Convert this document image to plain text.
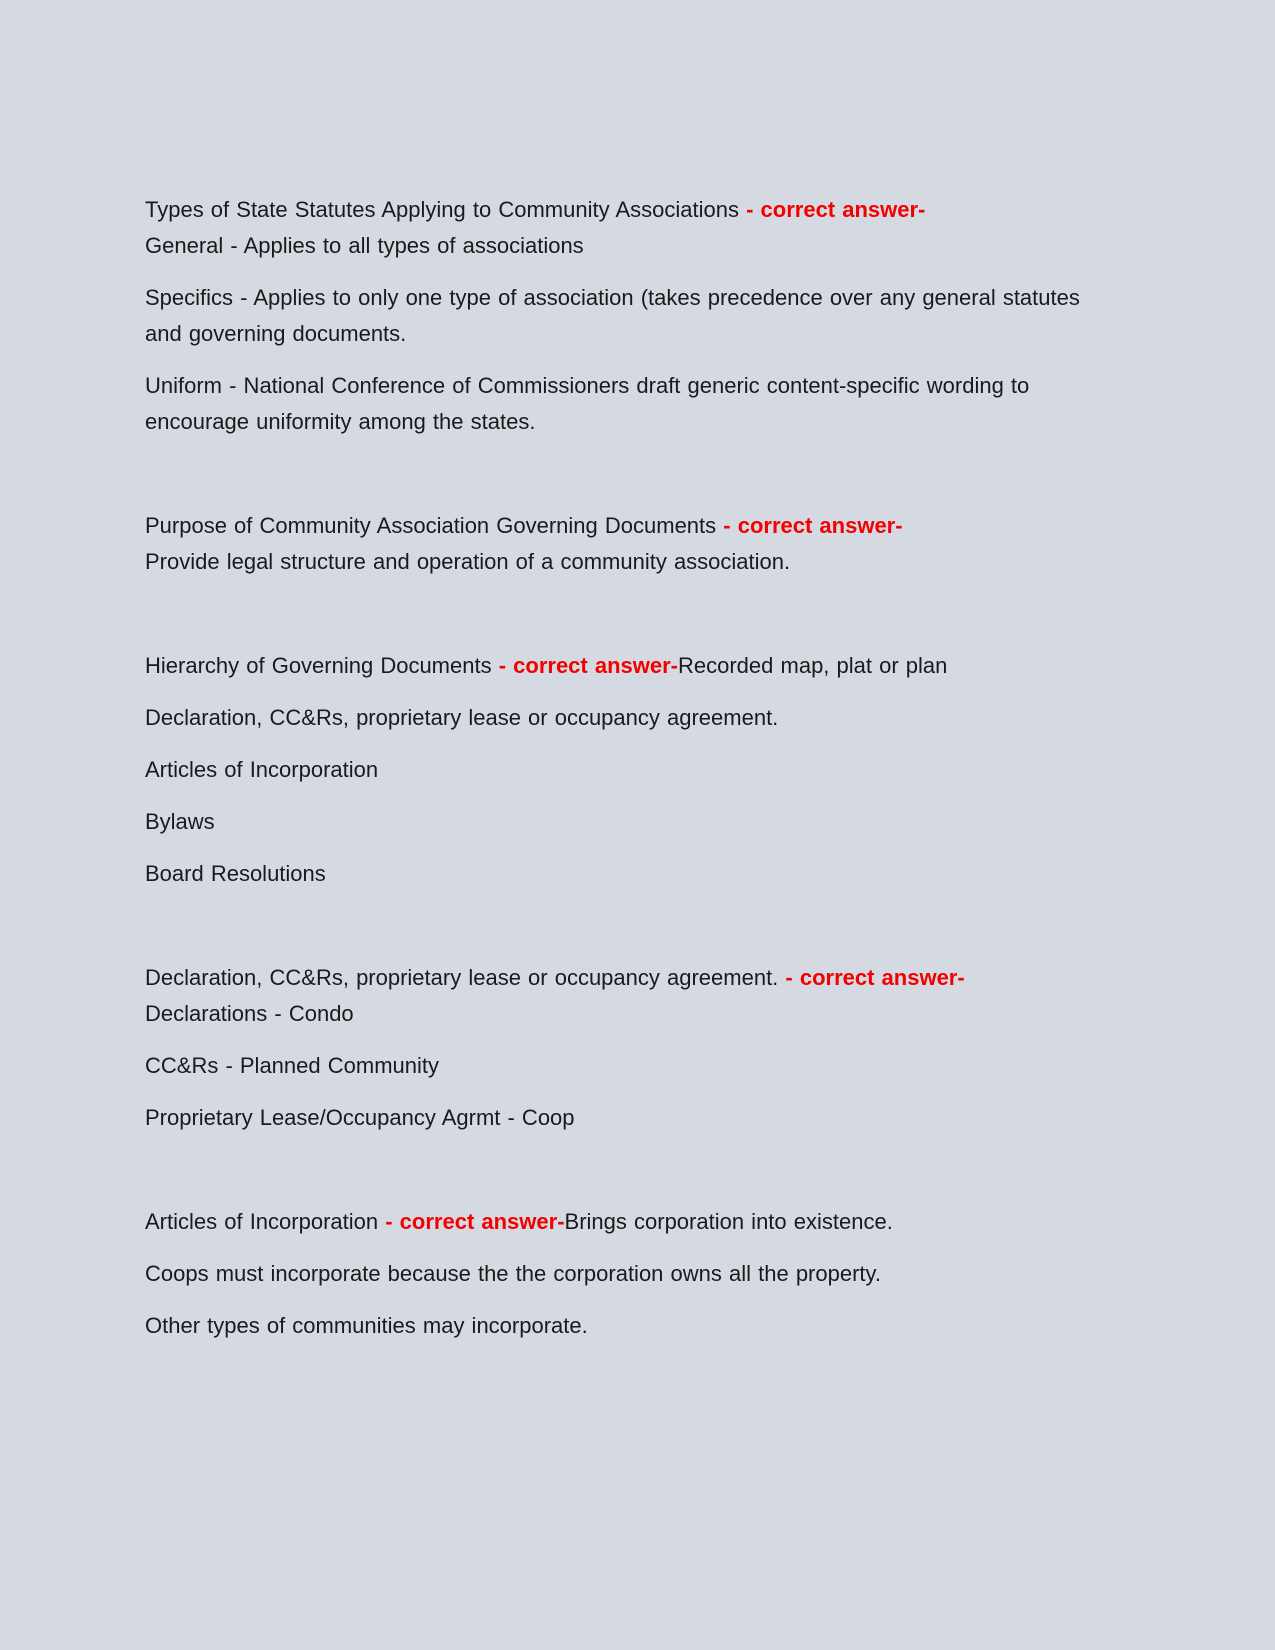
Types of State Statutes Applying to Community Associations - correct answer-
General - Applies to all types of associations

Specifics - Applies to only one type of association (takes precedence over any general statutes and governing documents.

Uniform - National Conference of Commissioners draft generic content-specific wording to encourage uniformity among the states.

Purpose of Community Association Governing Documents - correct answer-
Provide legal structure and operation of a community association.

Hierarchy of Governing Documents - correct answer-Recorded map, plat or plan

Declaration, CC&Rs, proprietary lease or occupancy agreement.

Articles of Incorporation

Bylaws

Board Resolutions

Declaration, CC&Rs, proprietary lease or occupancy agreement. - correct answer-
Declarations - Condo

CC&Rs - Planned Community

Proprietary Lease/Occupancy Agrmt - Coop

Articles of Incorporation - correct answer-Brings corporation into existence.

Coops must incorporate because the the corporation owns all the property.

Other types of communities may incorporate.
